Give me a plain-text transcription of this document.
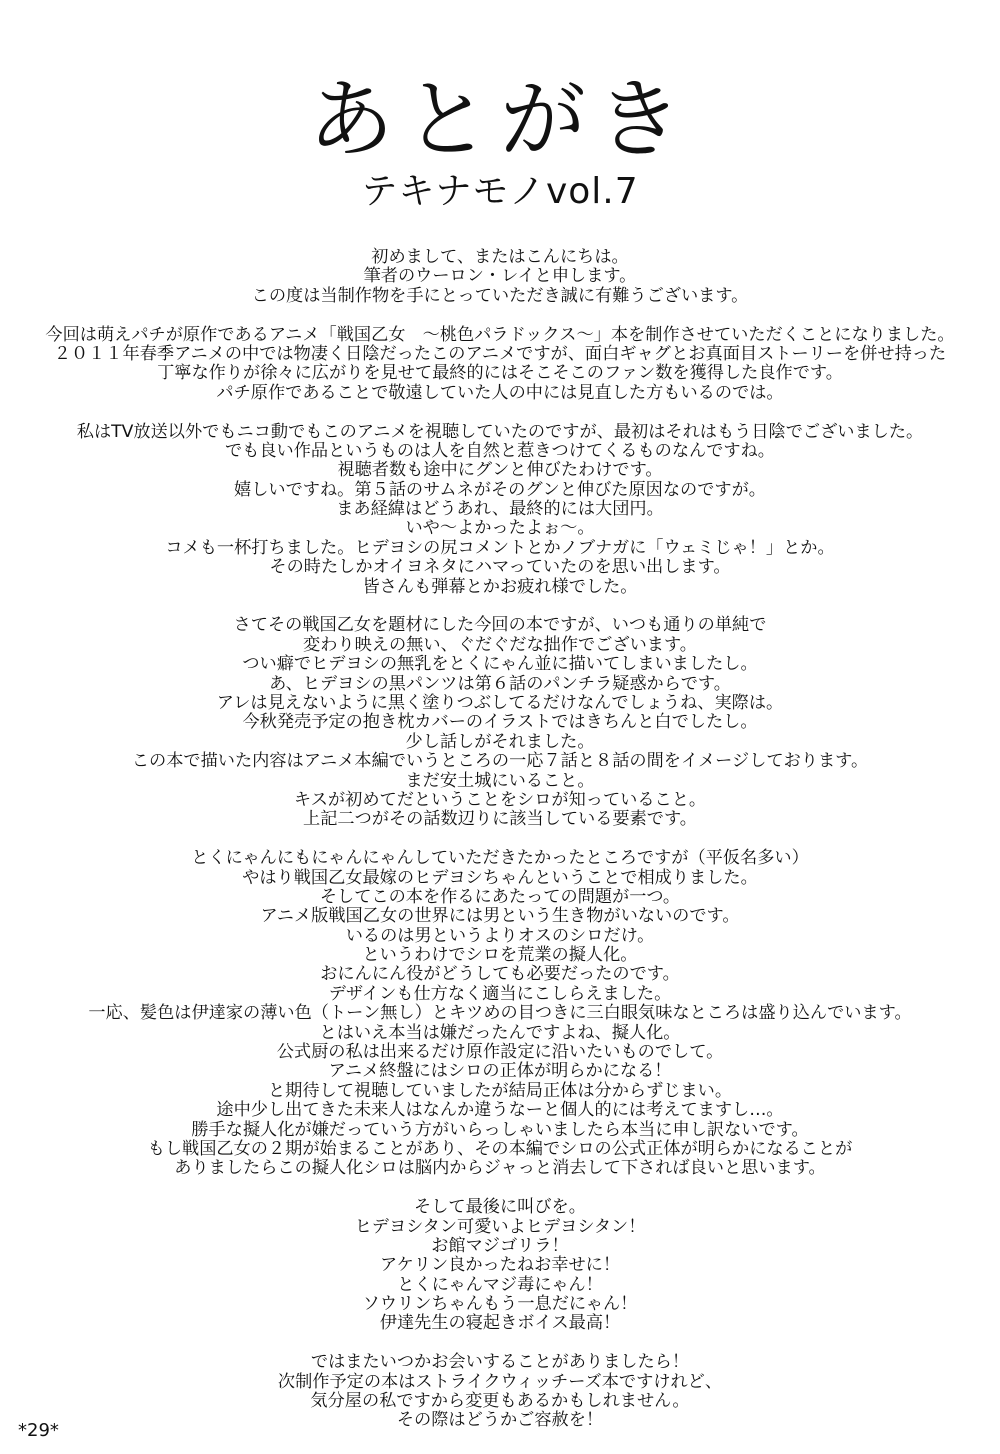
あとがき
テキナモノvol.7
初めまして、またはこんにちは。
筆者のウーロン・レイと申します。
この度は当制作物を手にとっていただき誠に有難うございます。
今回は萌えパチが原作であるアニメ「戦国乙女　～桃色パラドックス～」本を制作させていただくことになりました。
２０１１年春季アニメの中では物凄く日陰だったこのアニメですが、面白ギャグとお真面目ストーリーを併せ持った
丁寧な作りが徐々に広がりを見せて最終的にはそこそこのファン数を獲得した良作です。
パチ原作であることで敬遠していた人の中には見直した方もいるのでは。
私はTV放送以外でもニコ動でもこのアニメを視聴していたのですが、最初はそれはもう日陰でございました。
でも良い作品というものは人を自然と惹きつけてくるものなんですね。
視聴者数も途中にグンと伸びたわけです。
嬉しいですね。第５話のサムネがそのグンと伸びた原因なのですが。
まあ経緯はどうあれ、最終的には大団円。
いや～よかったよぉ～。
コメも一杯打ちました。ヒデヨシの尻コメントとかノブナガに「ウェミじゃ！」とか。
その時たしかオイヨネタにハマっていたのを思い出します。
皆さんも弾幕とかお疲れ様でした。
さてその戦国乙女を題材にした今回の本ですが、いつも通りの単純で
変わり映えの無い、ぐだぐだな拙作でございます。
つい癖でヒデヨシの無乳をとくにゃん並に描いてしまいましたし。
あ、ヒデヨシの黒パンツは第６話のパンチラ疑惑からです。
アレは見えないように黒く塗りつぶしてるだけなんでしょうね、実際は。
今秋発売予定の抱き枕カバーのイラストではきちんと白でしたし。
少し話しがそれました。
この本で描いた内容はアニメ本編でいうところの一応７話と８話の間をイメージしております。
まだ安土城にいること。
キスが初めてだということをシロが知っていること。
上記二つがその話数辺りに該当している要素です。
とくにゃんにもにゃんにゃんしていただきたかったところですが（平仮名多い）
やはり戦国乙女最嫁のヒデヨシちゃんということで相成りました。
そしてこの本を作るにあたっての問題が一つ。
アニメ版戦国乙女の世界には男という生き物がいないのです。
いるのは男というよりオスのシロだけ。
というわけでシロを荒業の擬人化。
おにんにん役がどうしても必要だったのです。
デザインも仕方なく適当にこしらえました。
一応、髪色は伊達家の薄い色（トーン無し）とキツめの目つきに三白眼気味なところは盛り込んでいます。
とはいえ本当は嫌だったんですよね、擬人化。
公式厨の私は出来るだけ原作設定に沿いたいものでして。
アニメ終盤にはシロの正体が明らかになる！
と期待して視聴していましたが結局正体は分からずじまい。
途中少し出てきた未来人はなんか違うなーと個人的には考えてますし…。
勝手な擬人化が嫌だっていう方がいらっしゃいましたら本当に申し訳ないです。
もし戦国乙女の２期が始まることがあり、その本編でシロの公式正体が明らかになることが
ありましたらこの擬人化シロは脳内からジャっと消去して下されば良いと思います。
そして最後に叫びを。
ヒデヨシタン可愛いよヒデヨシタン！
お館マジゴリラ！
アケリン良かったねお幸せに！
とくにゃんマジ毒にゃん！
ソウリンちゃんもう一息だにゃん！
伊達先生の寝起きボイス最高！
ではまたいつかお会いすることがありましたら！
次制作予定の本はストライクウィッチーズ本ですけれど、
気分屋の私ですから変更もあるかもしれません。
その際はどうかご容赦を！
*29*
